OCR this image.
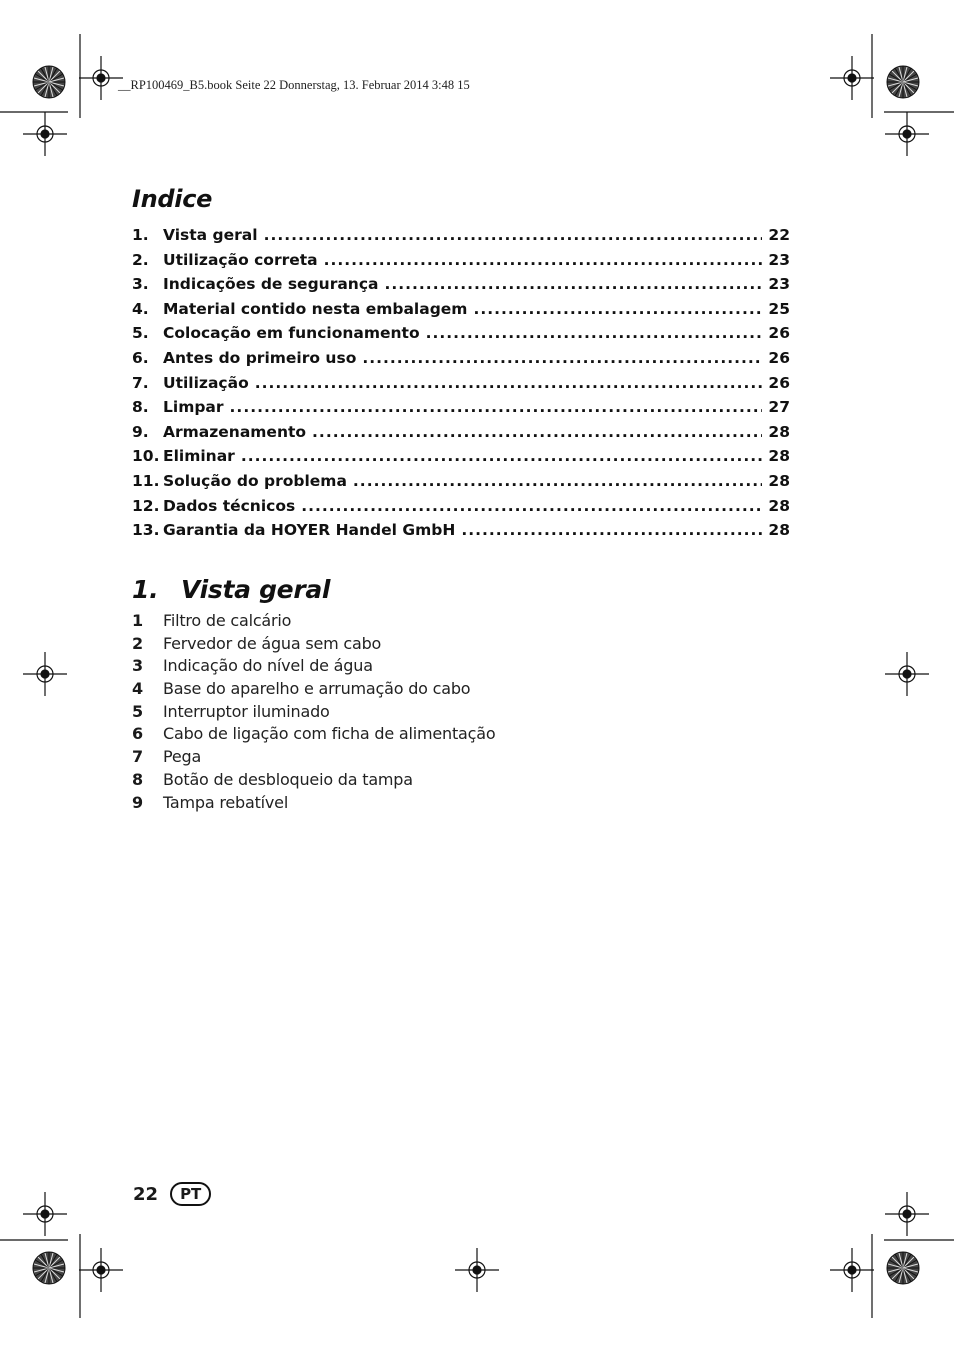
__RP100469_B5.book Seite 22 Donnerstag, 13. Februar 2014 3:48 15
Indice
1. Vista geral . . .	22
2. Utilização correta . . .	23
3. Indicações de segurança . . .	23
4. Material contido nesta embalagem . . .	25
5. Colocação em funcionamento . . .	26
6. Antes do primeiro uso . . .	26
7. Utilização . . .	26
8. Limpar . . .	27
9. Armazenamento . . .	28
10. Eliminar . . .	28
11. Solução do problema . . .	28
12. Dados técnicos . . .	28
13. Garantia da HOYER Handel GmbH . . .	28
1. Vista geral
1	Filtro de calcário
2	Fervedor de água sem cabo
3	Indicação do nível de água
4	Base do aparelho e arrumação do cabo
5	Interruptor iluminado
6	Cabo de ligação com ficha de alimentação
7	Pega
8	Botão de desbloqueio da tampa
9	Tampa rebatível
22	PT
